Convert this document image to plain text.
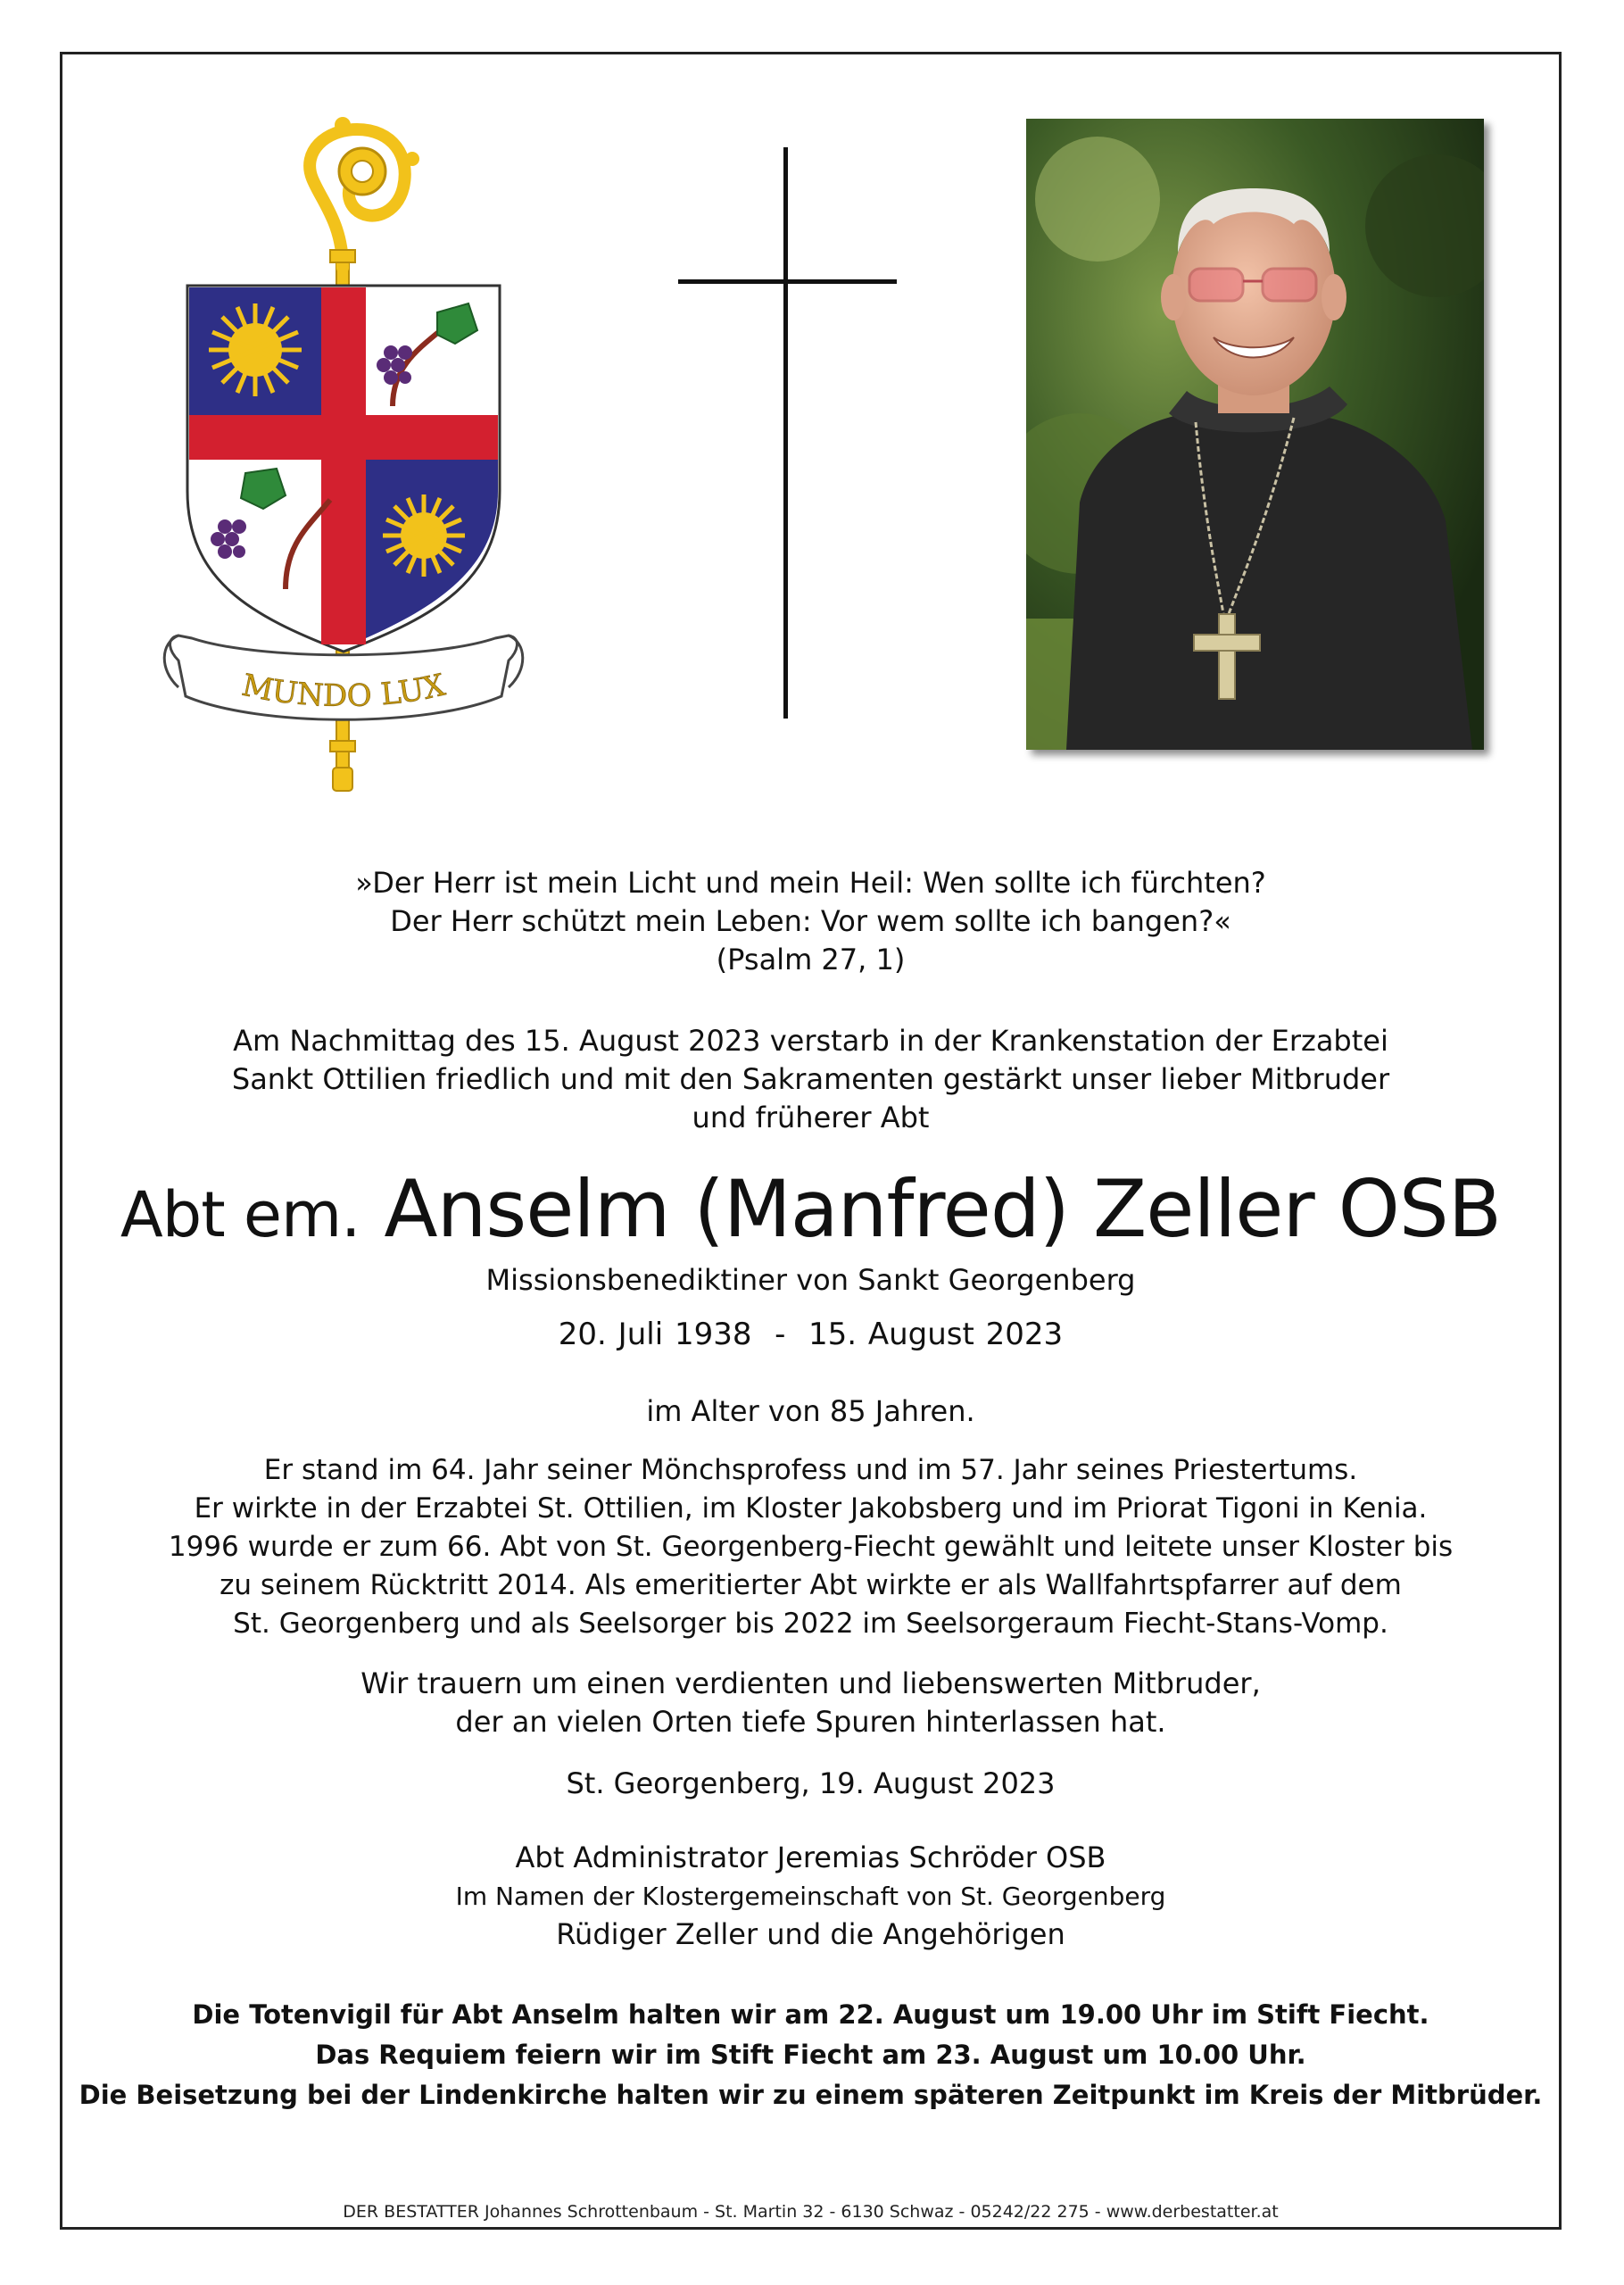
MUNDO LUX
»Der Herr ist mein Licht und mein Heil: Wen sollte ich fürchten?
Der Herr schützt mein Leben: Vor wem sollte ich bangen?«
(Psalm 27, 1)
Am Nachmittag des 15. August 2023 verstarb in der Krankenstation der Erzabtei
Sankt Ottilien friedlich und mit den Sakramenten gestärkt unser lieber Mitbruder
und früherer Abt
Abt em. Anselm (Manfred) Zeller OSB
Missionsbenediktiner von Sankt Georgenberg
20. Juli 1938  -  15. August 2023
im Alter von 85 Jahren.
Er stand im 64. Jahr seiner Mönchsprofess und im 57. Jahr seines Priestertums.
Er wirkte in der Erzabtei St. Ottilien, im Kloster Jakobsberg und im Priorat Tigoni in Kenia.
1996 wurde er zum 66. Abt von St. Georgenberg-Fiecht gewählt und leitete unser Kloster bis
zu seinem Rücktritt 2014. Als emeritierter Abt wirkte er als Wallfahrtspfarrer auf dem
St. Georgenberg und als Seelsorger bis 2022 im Seelsorgeraum Fiecht-Stans-Vomp.
Wir trauern um einen verdienten und liebenswerten Mitbruder,
der an vielen Orten tiefe Spuren hinterlassen hat.
St. Georgenberg, 19. August 2023
Abt Administrator Jeremias Schröder OSB
Im Namen der Klostergemeinschaft von St. Georgenberg
Rüdiger Zeller und die Angehörigen
Die Totenvigil für Abt Anselm halten wir am 22. August um 19.00 Uhr im Stift Fiecht.
Das Requiem feiern wir im Stift Fiecht am 23. August um 10.00 Uhr.
Die Beisetzung bei der Lindenkirche halten wir zu einem späteren Zeitpunkt im Kreis der Mitbrüder.
DER BESTATTER Johannes Schrottenbaum - St. Martin 32 - 6130 Schwaz - 05242/22 275 - www.derbestatter.at
